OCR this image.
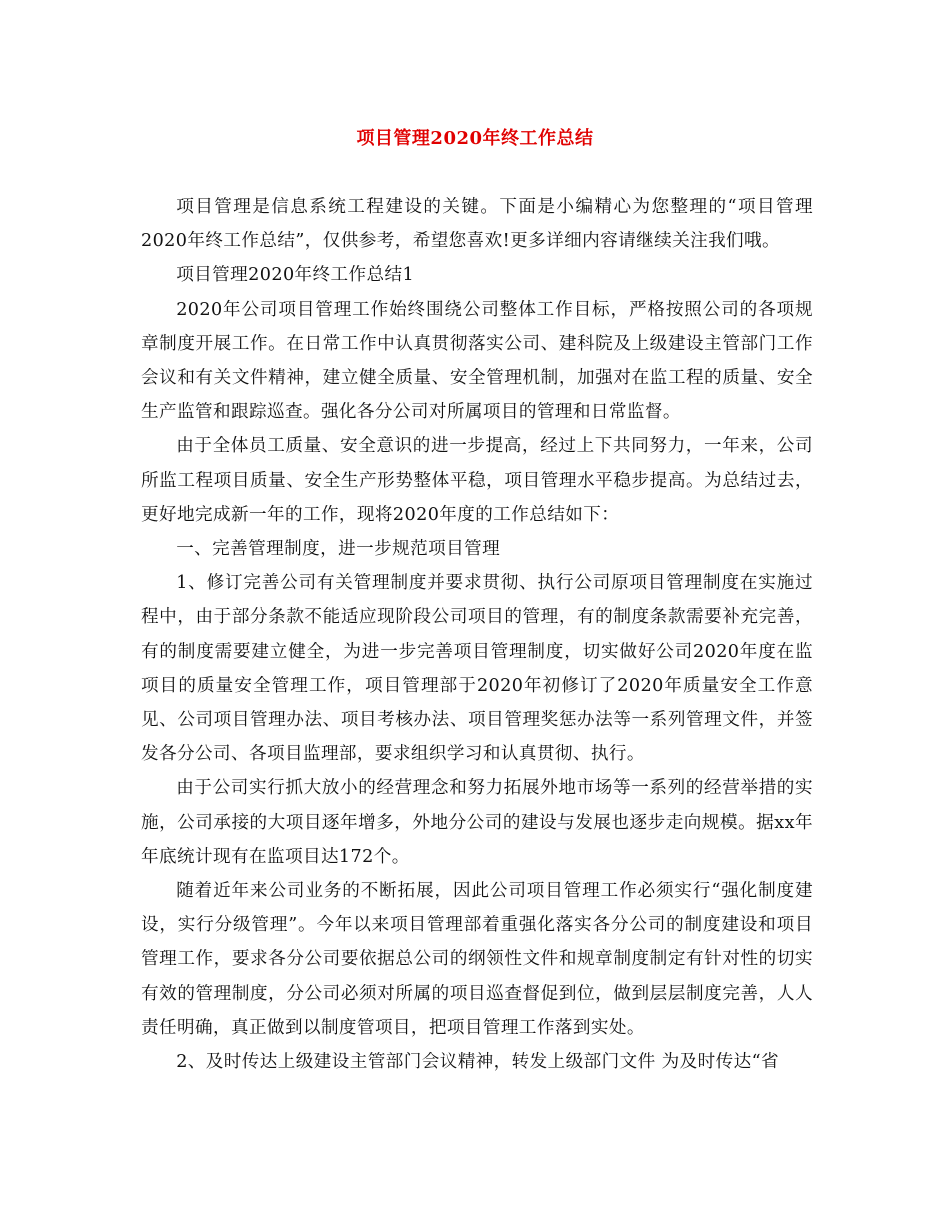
项目管理2020年终工作总结

项目管理是信息系统工程建设的关键。下面是小编精心为您整理的“项目管理2020年终工作总结”，仅供参考，希望您喜欢!更多详细内容请继续关注我们哦。

项目管理2020年终工作总结1

2020年公司项目管理工作始终围绕公司整体工作目标，严格按照公司的各项规章制度开展工作。在日常工作中认真贯彻落实公司、建科院及上级建设主管部门工作会议和有关文件精神，建立健全质量、安全管理机制，加强对在监工程的质量、安全生产监管和跟踪巡查。强化各分公司对所属项目的管理和日常监督。

由于全体员工质量、安全意识的进一步提高，经过上下共同努力，一年来，公司所监工程项目质量、安全生产形势整体平稳，项目管理水平稳步提高。为总结过去，更好地完成新一年的工作，现将2020年度的工作总结如下：

一、完善管理制度，进一步规范项目管理

1、修订完善公司有关管理制度并要求贯彻、执行公司原项目管理制度在实施过程中，由于部分条款不能适应现阶段公司项目的管理，有的制度条款需要补充完善，有的制度需要建立健全，为进一步完善项目管理制度，切实做好公司2020年度在监项目的质量安全管理工作，项目管理部于2020年初修订了2020年质量安全工作意见、公司项目管理办法、项目考核办法、项目管理奖惩办法等一系列管理文件，并签发各分公司、各项目监理部，要求组织学习和认真贯彻、执行。

由于公司实行抓大放小的经营理念和努力拓展外地市场等一系列的经营举措的实施，公司承接的大项目逐年增多，外地分公司的建设与发展也逐步走向规模。据xx年年底统计现有在监项目达172个。

随着近年来公司业务的不断拓展，因此公司项目管理工作必须实行“强化制度建设，实行分级管理”。今年以来项目管理部着重强化落实各分公司的制度建设和项目管理工作，要求各分公司要依据总公司的纲领性文件和规章制度制定有针对性的切实有效的管理制度，分公司必须对所属的项目巡查督促到位，做到层层制度完善，人人责任明确，真正做到以制度管项目，把项目管理工作落到实处。

2、及时传达上级建设主管部门会议精神，转发上级部门文件 为及时传达“省
